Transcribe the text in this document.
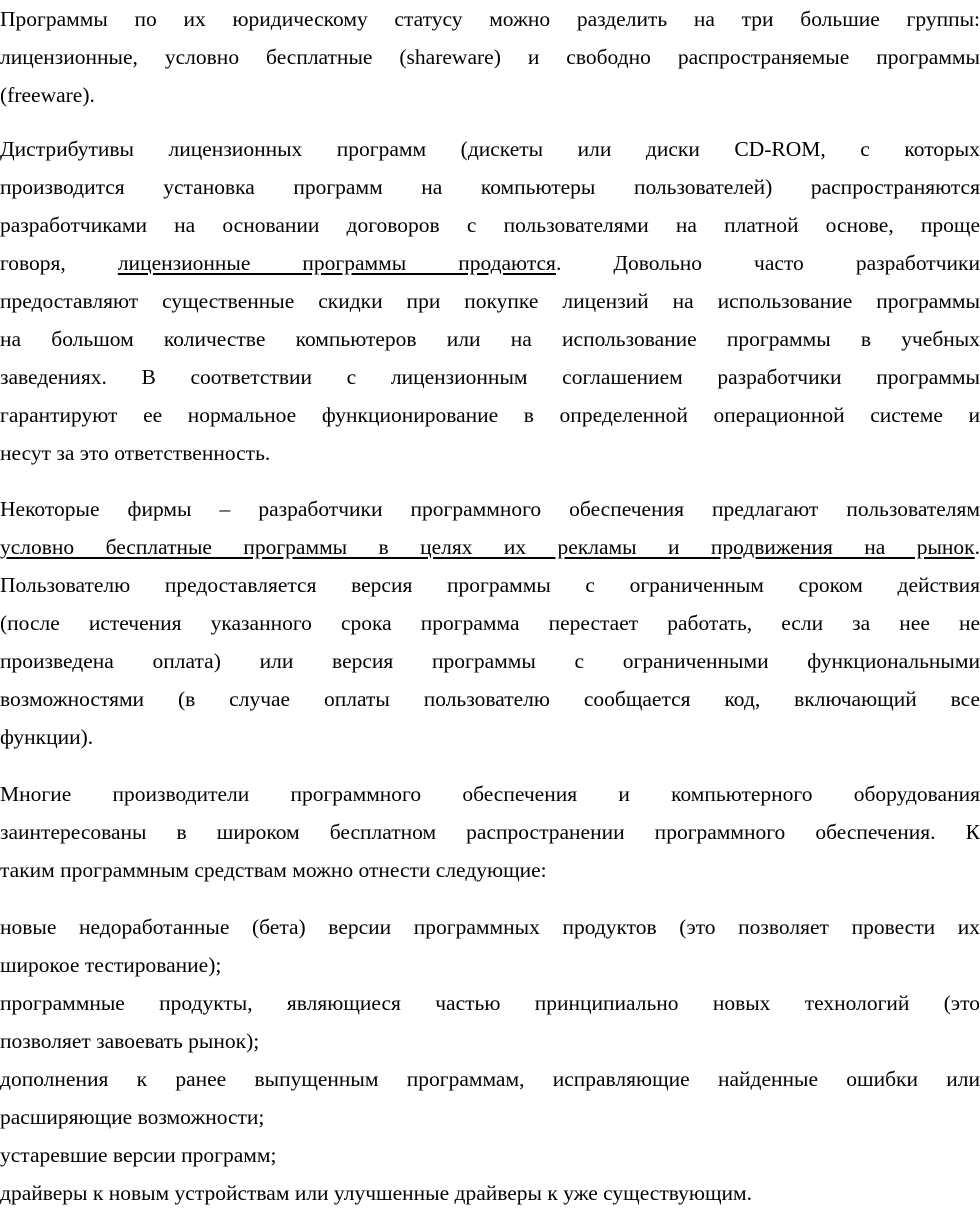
Программы по их юридическому статусу можно разделить на три большие группы:
лицензионные, условно бесплатные (shareware) и свободно распространяемые программы
(freeware).
Дистрибутивы лицензионных программ (дискеты или диски CD-ROM, с которых
производится установка программ на компьютеры пользователей) распространяются
разработчиками на основании договоров с пользователями на платной основе, проще
говоря, лицензионные программы продаются. Довольно часто разработчики
предоставляют существенные скидки при покупке лицензий на использование программы
на большом количестве компьютеров или на использование программы в учебных
заведениях. В соответствии с лицензионным соглашением разработчики программы
гарантируют ее нормальное функционирование в определенной операционной системе и
несут за это ответственность.
Некоторые фирмы – разработчики программного обеспечения предлагают пользователям
условно бесплатные программы в целях их рекламы и продвижения на рынок.
Пользователю предоставляется версия программы с ограниченным сроком действия
(после истечения указанного срока программа перестает работать, если за нее не
произведена оплата) или версия программы с ограниченными функциональными
возможностями (в случае оплаты пользователю сообщается код, включающий все
функции).
Многие производители программного обеспечения и компьютерного оборудования
заинтересованы в широком бесплатном распространении программного обеспечения. К
таким программным средствам можно отнести следующие:
новые недоработанные (бета) версии программных продуктов (это позволяет провести их
широкое тестирование);
программные продукты, являющиеся частью принципиально новых технологий (это
позволяет завоевать рынок);
дополнения к ранее выпущенным программам, исправляющие найденные ошибки или
расширяющие возможности;
устаревшие версии программ;
драйверы к новым устройствам или улучшенные драйверы к уже существующим.
